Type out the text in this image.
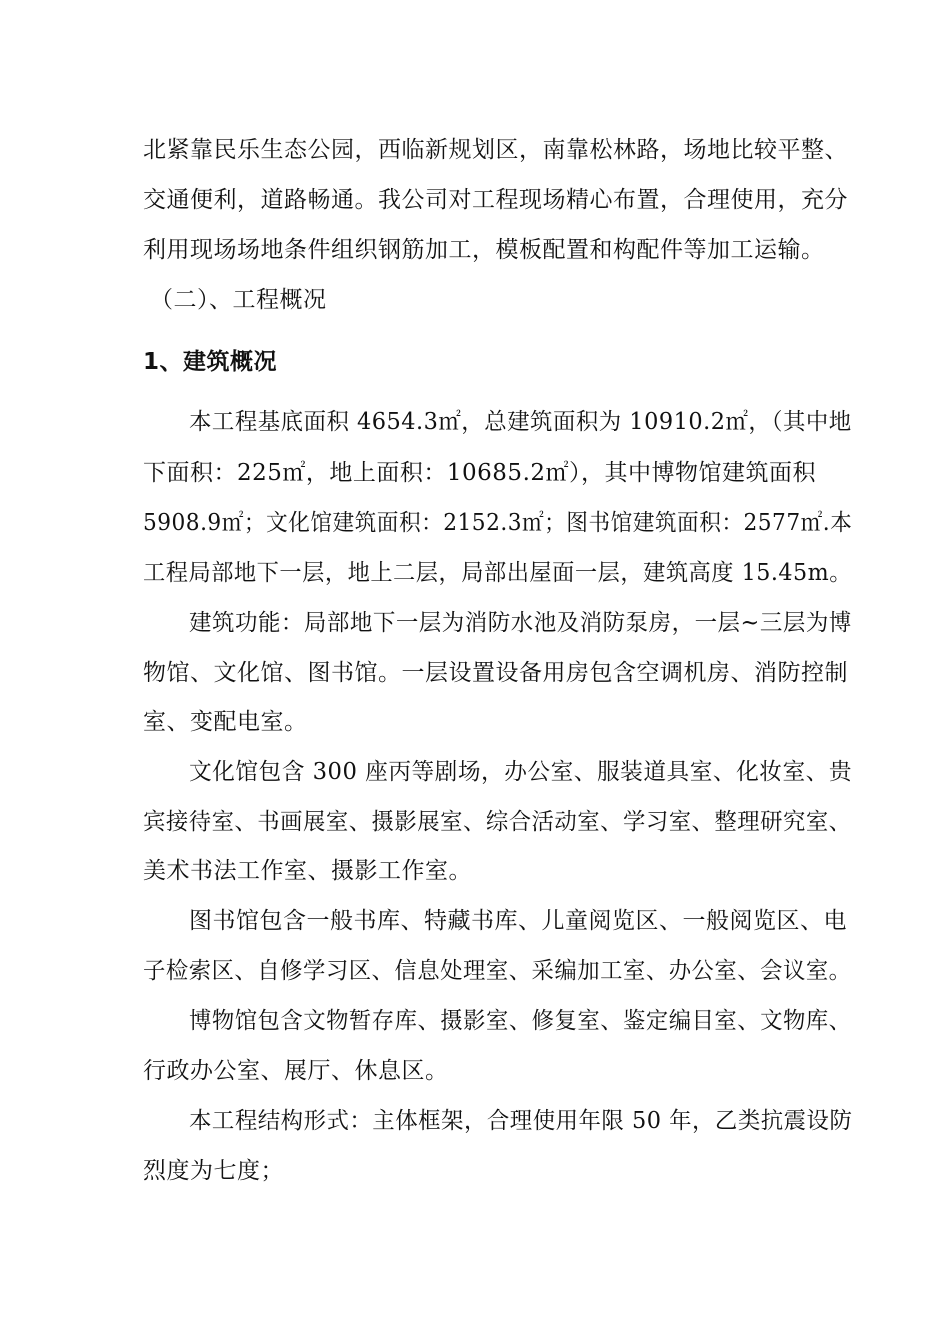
北紧靠民乐生态公园，西临新规划区，南靠松林路，场地比较平整、
交通便利，道路畅通。我公司对工程现场精心布置，合理使用，充分
利用现场场地条件组织钢筋加工，模板配置和构配件等加工运输。
（二）、工程概况
1、建筑概况
本工程基底面积 4654.3㎡，总建筑面积为 10910.2㎡，（其中地
下面积：225㎡，地上面积：10685.2㎡），其中博物馆建筑面积
5908.9㎡；文化馆建筑面积：2152.3㎡；图书馆建筑面积：2577㎡.本
工程局部地下一层，地上二层，局部出屋面一层，建筑高度 15.45m。
建筑功能：局部地下一层为消防水池及消防泵房，一层~三层为博
物馆、文化馆、图书馆。一层设置设备用房包含空调机房、消防控制
室、变配电室。
文化馆包含 300 座丙等剧场，办公室、服装道具室、化妆室、贵
宾接待室、书画展室、摄影展室、综合活动室、学习室、整理研究室、
美术书法工作室、摄影工作室。
图书馆包含一般书库、特藏书库、儿童阅览区、一般阅览区、电
子检索区、自修学习区、信息处理室、采编加工室、办公室、会议室。
博物馆包含文物暂存库、摄影室、修复室、鉴定编目室、文物库、
行政办公室、展厅、休息区。
本工程结构形式：主体框架，合理使用年限 50 年，乙类抗震设防
烈度为七度；
